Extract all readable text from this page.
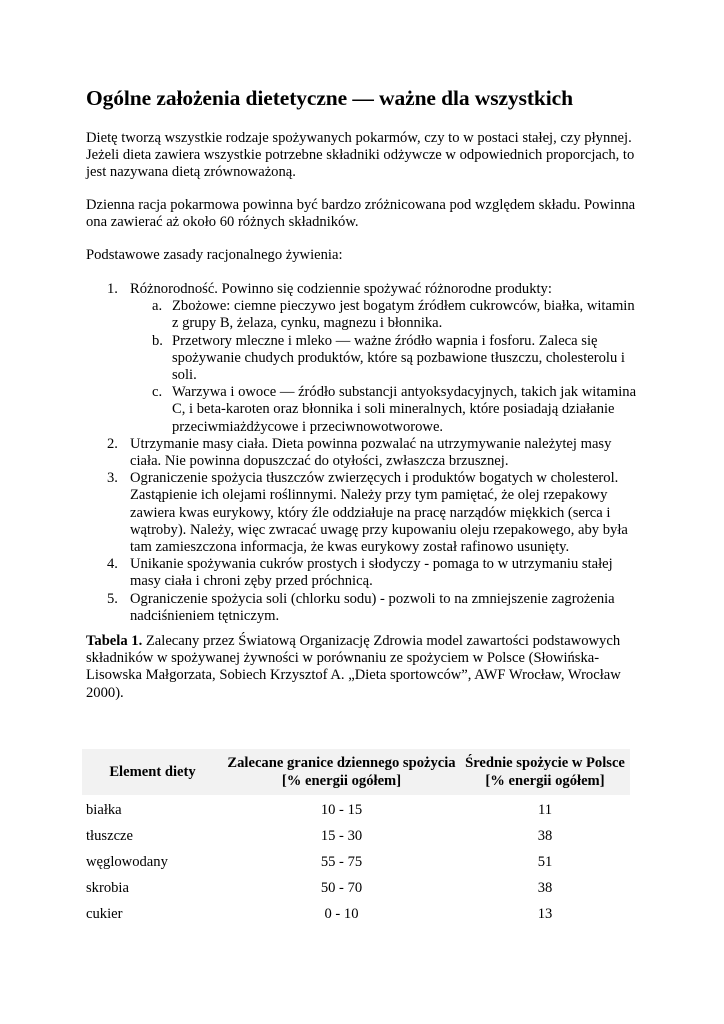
Ogólne założenia dietetyczne — ważne dla wszystkich

Dietę tworzą wszystkie rodzaje spożywanych pokarmów, czy to w postaci stałej, czy płynnej. Jeżeli dieta zawiera wszystkie potrzebne składniki odżywcze w odpowiednich proporcjach, to jest nazywana dietą zrównoważoną.

Dzienna racja pokarmowa powinna być bardzo zróżnicowana pod względem składu. Powinna ona zawierać aż około 60 różnych składników.

Podstawowe zasady racjonalnego żywienia:

1. Różnorodność. Powinno się codziennie spożywać różnorodne produkty:
a. Zbożowe: ciemne pieczywo jest bogatym źródłem cukrowców, białka, witamin z grupy B, żelaza, cynku, magnezu i błonnika.
b. Przetwory mleczne i mleko — ważne źródło wapnia i fosforu. Zaleca się spożywanie chudych produktów, które są pozbawione tłuszczu, cholesterolu i soli.
c. Warzywa i owoce — źródło substancji antyoksydacyjnych, takich jak witamina C, i beta-karoten oraz błonnika i soli mineralnych, które posiadają działanie przeciwmiażdżycowe i przeciwnowotworowe.
2. Utrzymanie masy ciała. Dieta powinna pozwalać na utrzymywanie należytej masy ciała. Nie powinna dopuszczać do otyłości, zwłaszcza brzusznej.
3. Ograniczenie spożycia tłuszczów zwierzęcych i produktów bogatych w cholesterol. Zastąpienie ich olejami roślinnymi. Należy przy tym pamiętać, że olej rzepakowy zawiera kwas eurykowy, który źle oddziałuje na pracę narządów miękkich (serca i wątroby). Należy, więc zwracać uwagę przy kupowaniu oleju rzepakowego, aby była tam zamieszczona informacja, że kwas eurykowy został rafinowo usunięty.
4. Unikanie spożywania cukrów prostych i słodyczy - pomaga to w utrzymaniu stałej masy ciała i chroni zęby przed próchnicą.
5. Ograniczenie spożycia soli (chlorku sodu) - pozwoli to na zmniejszenie zagrożenia nadciśnieniem tętniczym.

Tabela 1. Zalecany przez Światową Organizację Zdrowia model zawartości podstawowych składników w spożywanej żywności w porównaniu ze spożyciem w Polsce (Słowińska-Lisowska Małgorzata, Sobiech Krzysztof A. „Dieta sportowców”, AWF Wrocław, Wrocław 2000).

Element diety	Zalecane granice dziennego spożycia [% energii ogółem]	Średnie spożycie w Polsce [% energii ogółem]
białka	10 - 15	11
tłuszcze	15 - 30	38
węglowodany	55 - 75	51
skrobia	50 - 70	38
cukier	0 - 10	13
